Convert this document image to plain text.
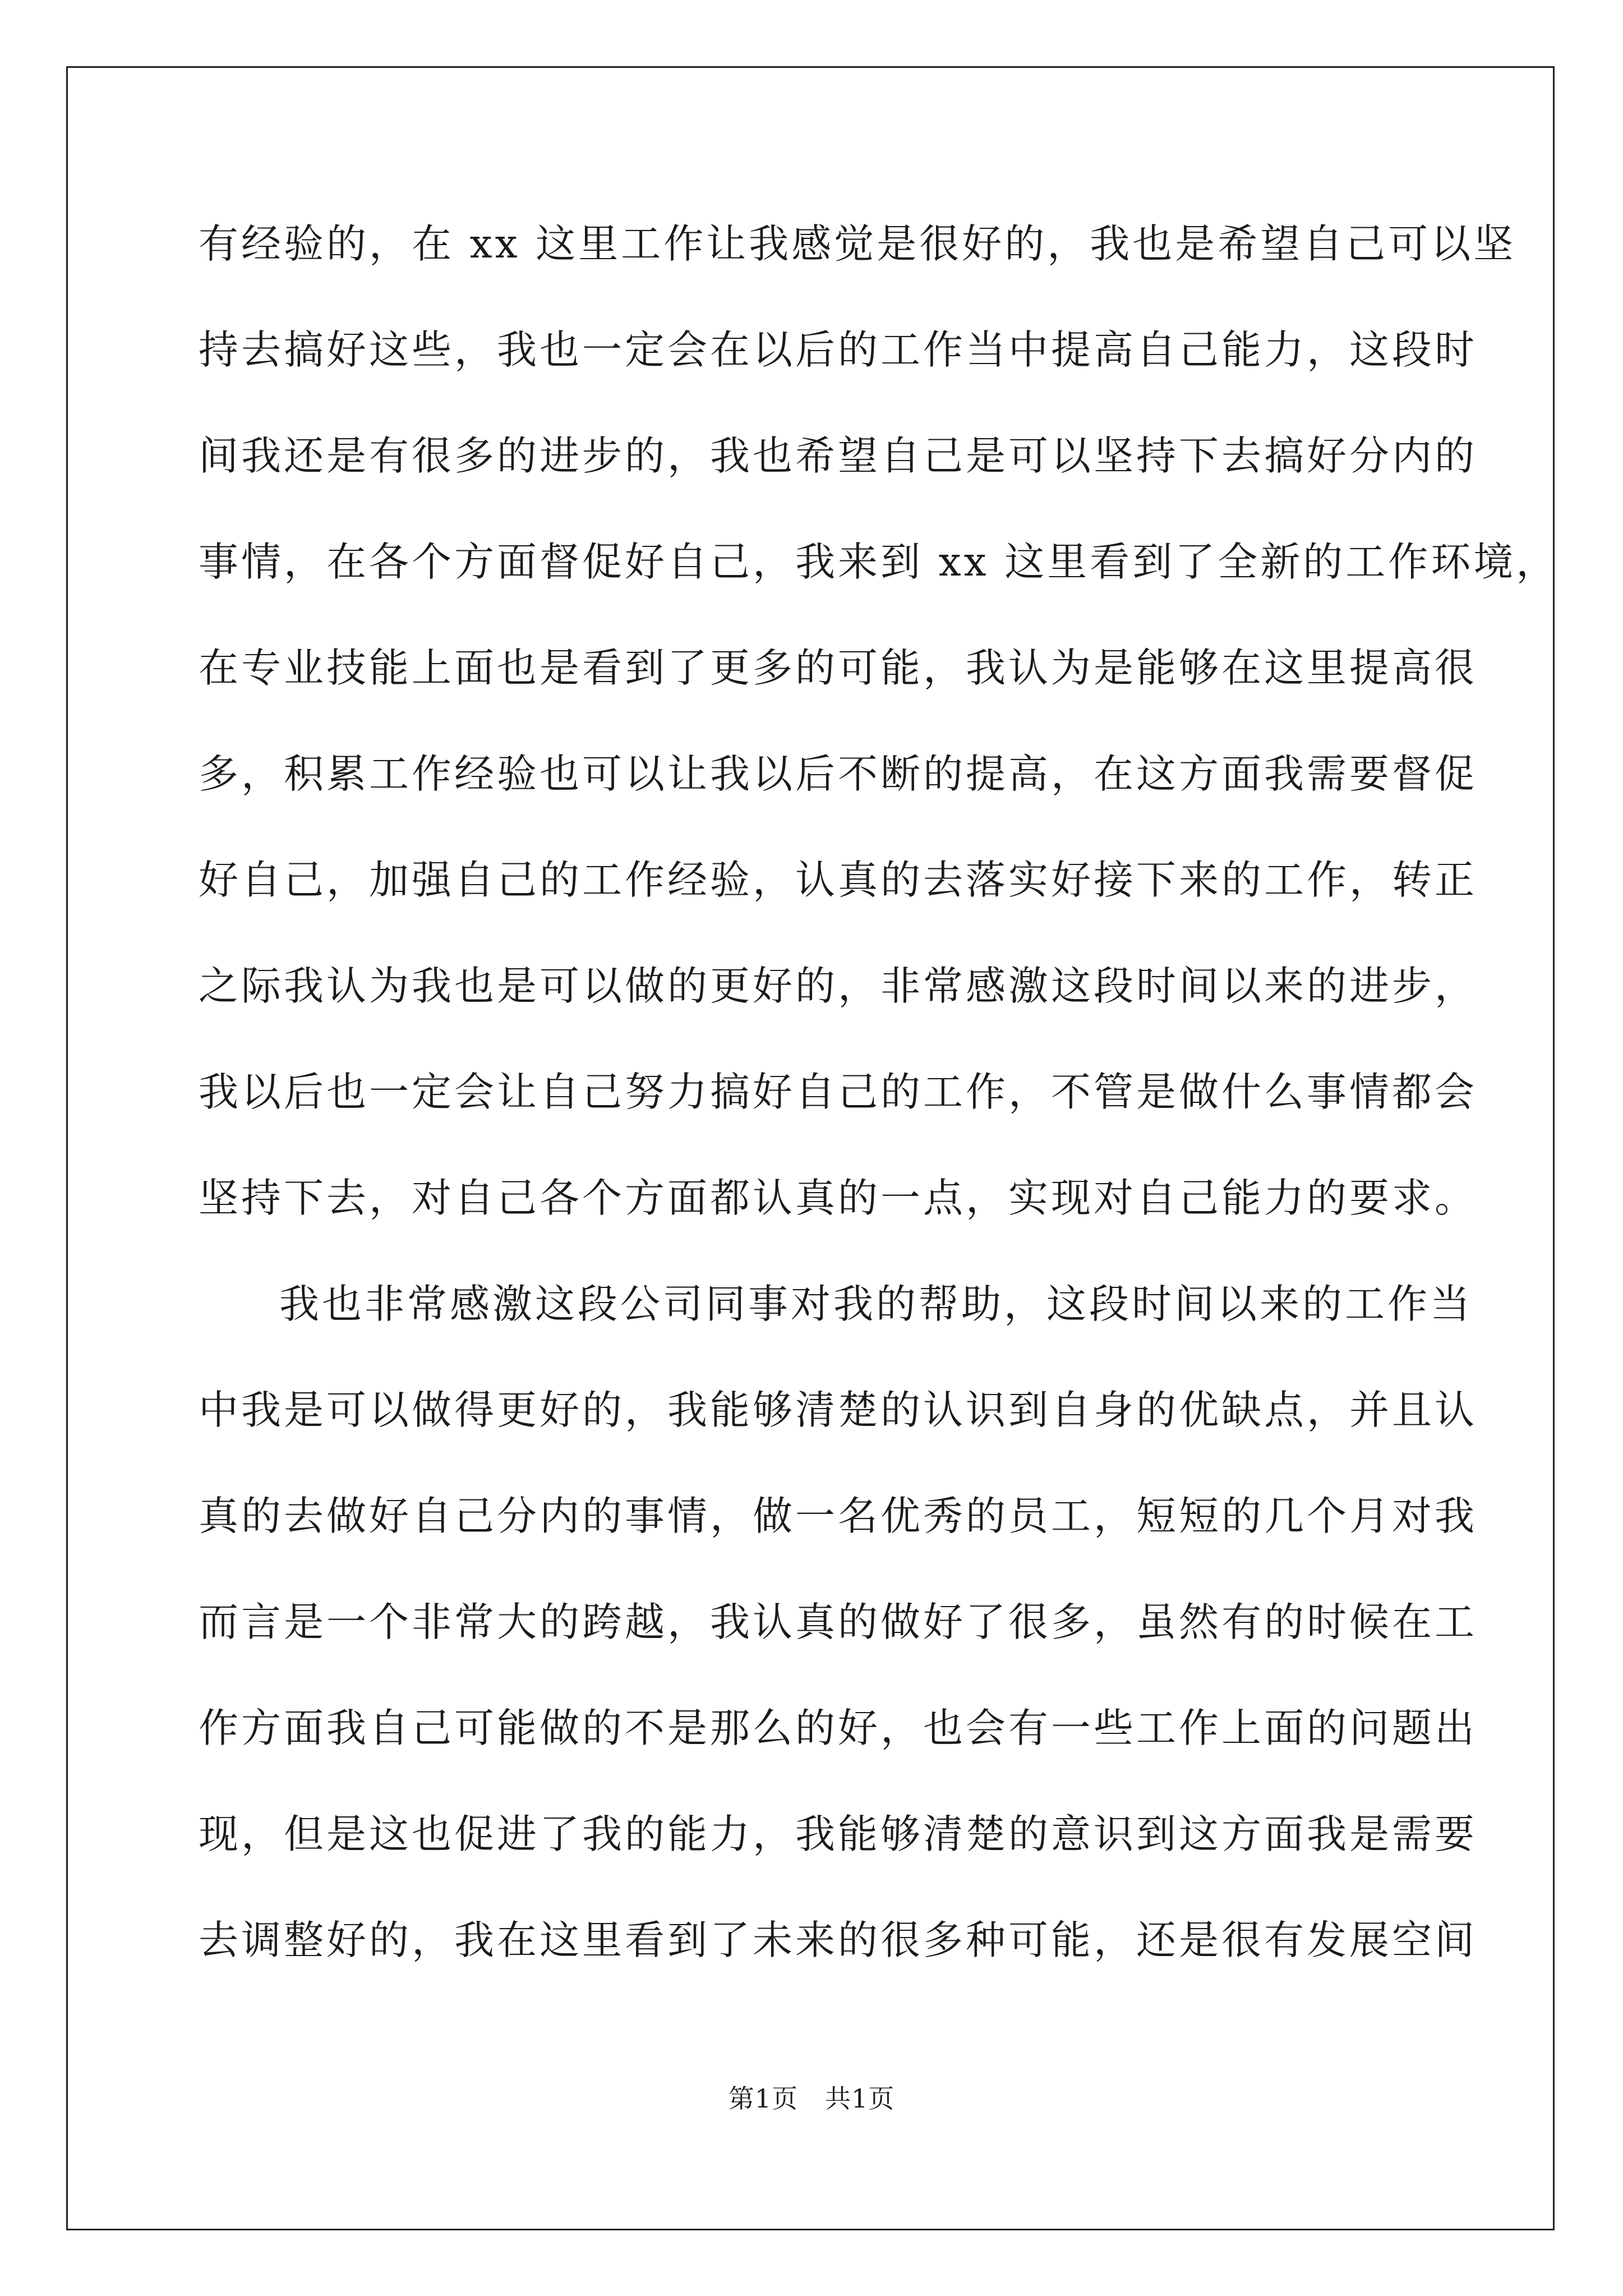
有经验的，在 xx 这里工作让我感觉是很好的，我也是希望自己可以坚
持去搞好这些，我也一定会在以后的工作当中提高自己能力，这段时
间我还是有很多的进步的，我也希望自己是可以坚持下去搞好分内的
事情，在各个方面督促好自己，我来到 xx 这里看到了全新的工作环境，
在专业技能上面也是看到了更多的可能，我认为是能够在这里提高很
多，积累工作经验也可以让我以后不断的提高，在这方面我需要督促
好自己，加强自己的工作经验，认真的去落实好接下来的工作，转正
之际我认为我也是可以做的更好的，非常感激这段时间以来的进步，
我以后也一定会让自己努力搞好自己的工作，不管是做什么事情都会
坚持下去，对自己各个方面都认真的一点，实现对自己能力的要求。
我也非常感激这段公司同事对我的帮助，这段时间以来的工作当
中我是可以做得更好的，我能够清楚的认识到自身的优缺点，并且认
真的去做好自己分内的事情，做一名优秀的员工，短短的几个月对我
而言是一个非常大的跨越，我认真的做好了很多，虽然有的时候在工
作方面我自己可能做的不是那么的好，也会有一些工作上面的问题出
现，但是这也促进了我的能力，我能够清楚的意识到这方面我是需要
去调整好的，我在这里看到了未来的很多种可能，还是很有发展空间
第1页 共1页
